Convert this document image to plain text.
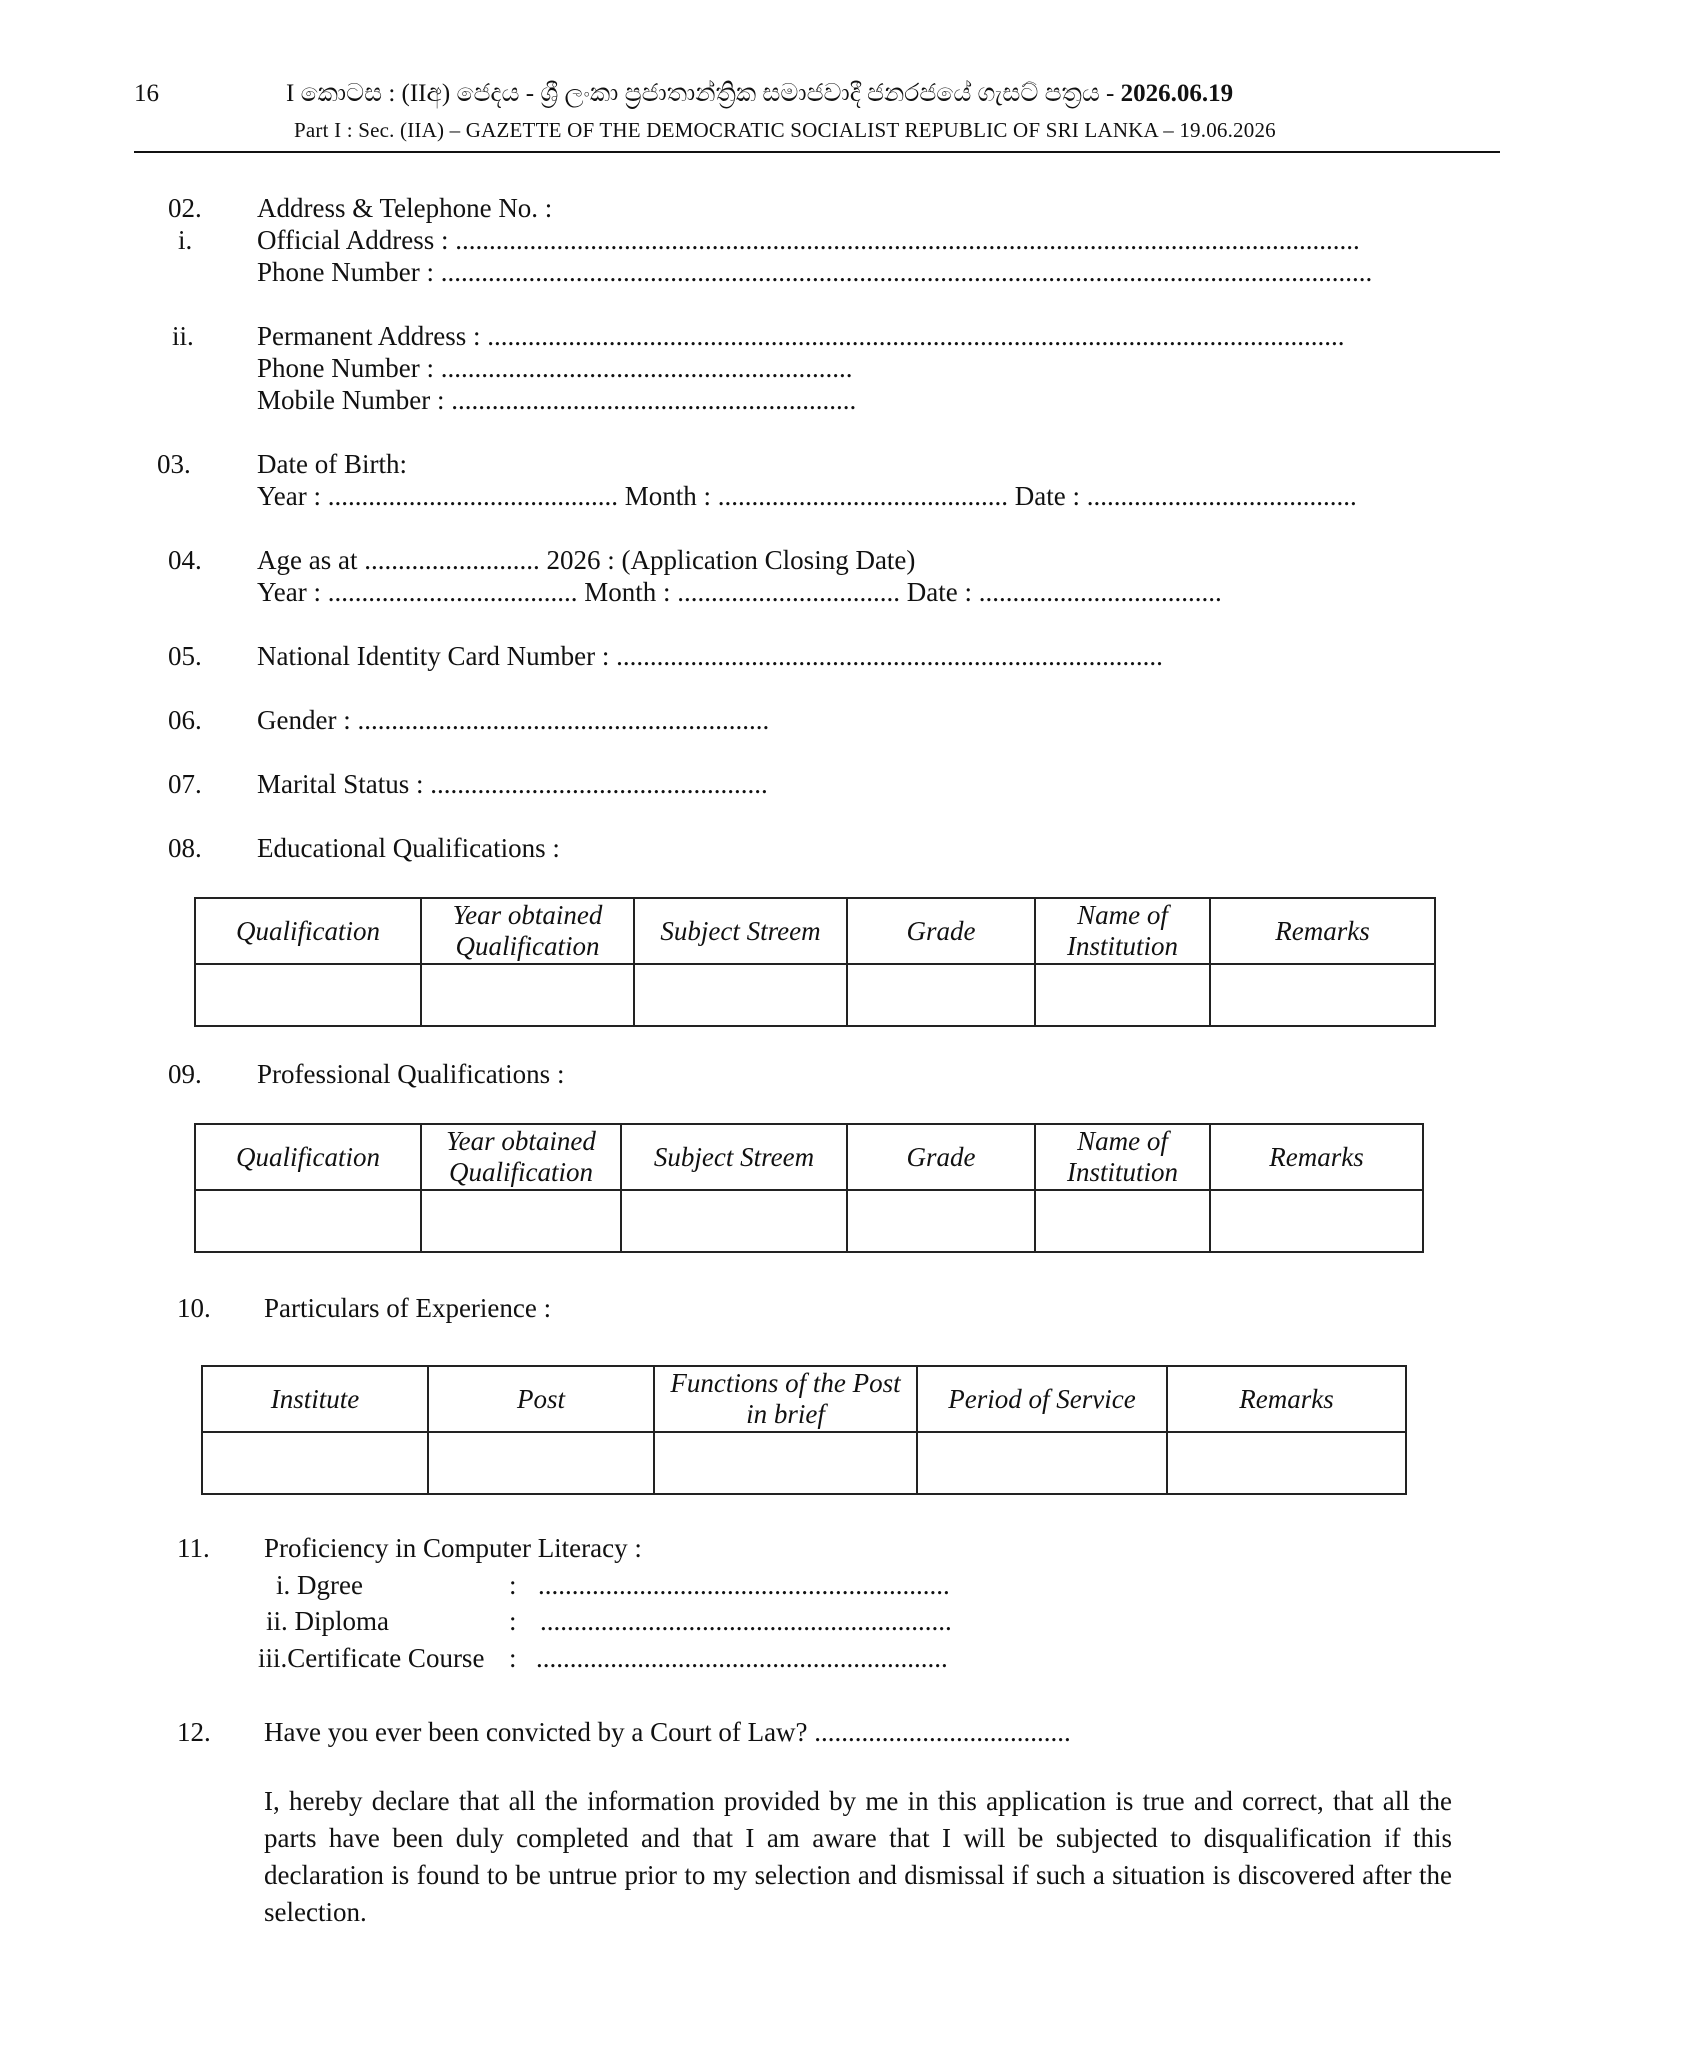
16	I කොටස : (IIඅ) ජෙදය - ශ්‍රී ලංකා ප්‍රජාතාන්ත්‍රික සමාජවාදී ජනරජයේ ගැසට් පත්‍රය - 2026.06.19
Part I : Sec. (IIA) – GAZETTE OF THE DEMOCRATIC SOCIALIST REPUBLIC OF SRI LANKA – 19.06.2026
02. Address & Telephone No. :
i. Official Address : ......................................................................................................................................
Phone Number : ..........................................................................................................................................
ii. Permanent Address : ...............................................................................................................................
Phone Number : .............................................................
Mobile Number : ............................................................
03. Date of Birth:
Year : ........................................... Month : ........................................... Date : ........................................
04. Age as at .......................... 2026 : (Application Closing Date)
Year : ..................................... Month : ................................. Date : ....................................
05. National Identity Card Number : .................................................................................
06. Gender : .............................................................
07. Marital Status : ..................................................
08. Educational Qualifications :
Qualification	Year obtained Qualification	Subject Streem	Grade	Name of Institution	Remarks

09. Professional Qualifications :
Qualification	Year obtained Qualification	Subject Streem	Grade	Name of Institution	Remarks

10. Particulars of Experience :
Institute	Post	Functions of the Post in brief	Period of Service	Remarks

11. Proficiency in Computer Literacy :
i. Dgree	: .............................................................
ii. Diploma	: .............................................................
iii.Certificate Course : .............................................................
12. Have you ever been convicted by a Court of Law? ......................................
I, hereby declare that all the information provided by me in this application is true and correct, that all the parts have been duly completed and that I am aware that I will be subjected to disqualification if this declaration is found to be untrue prior to my selection and dismissal if such a situation is discovered after the selection.
